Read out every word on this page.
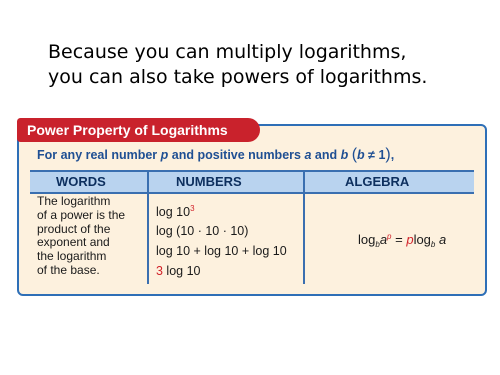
Because you can multiply logarithms,
you can also take powers of logarithms.
Power Property of Logarithms
For any real number p and positive numbers a and b (b ≠ 1),
WORDS	NUMBERS	ALGEBRA
The logarithm
of a power is the
product of the
exponent and
the logarithm
of the base.
$\log 10^3$
log (10 · 10 · 10)
log 10 + log 10 + log 10
3 log 10
$\log_ba^p = plog_b$ a
